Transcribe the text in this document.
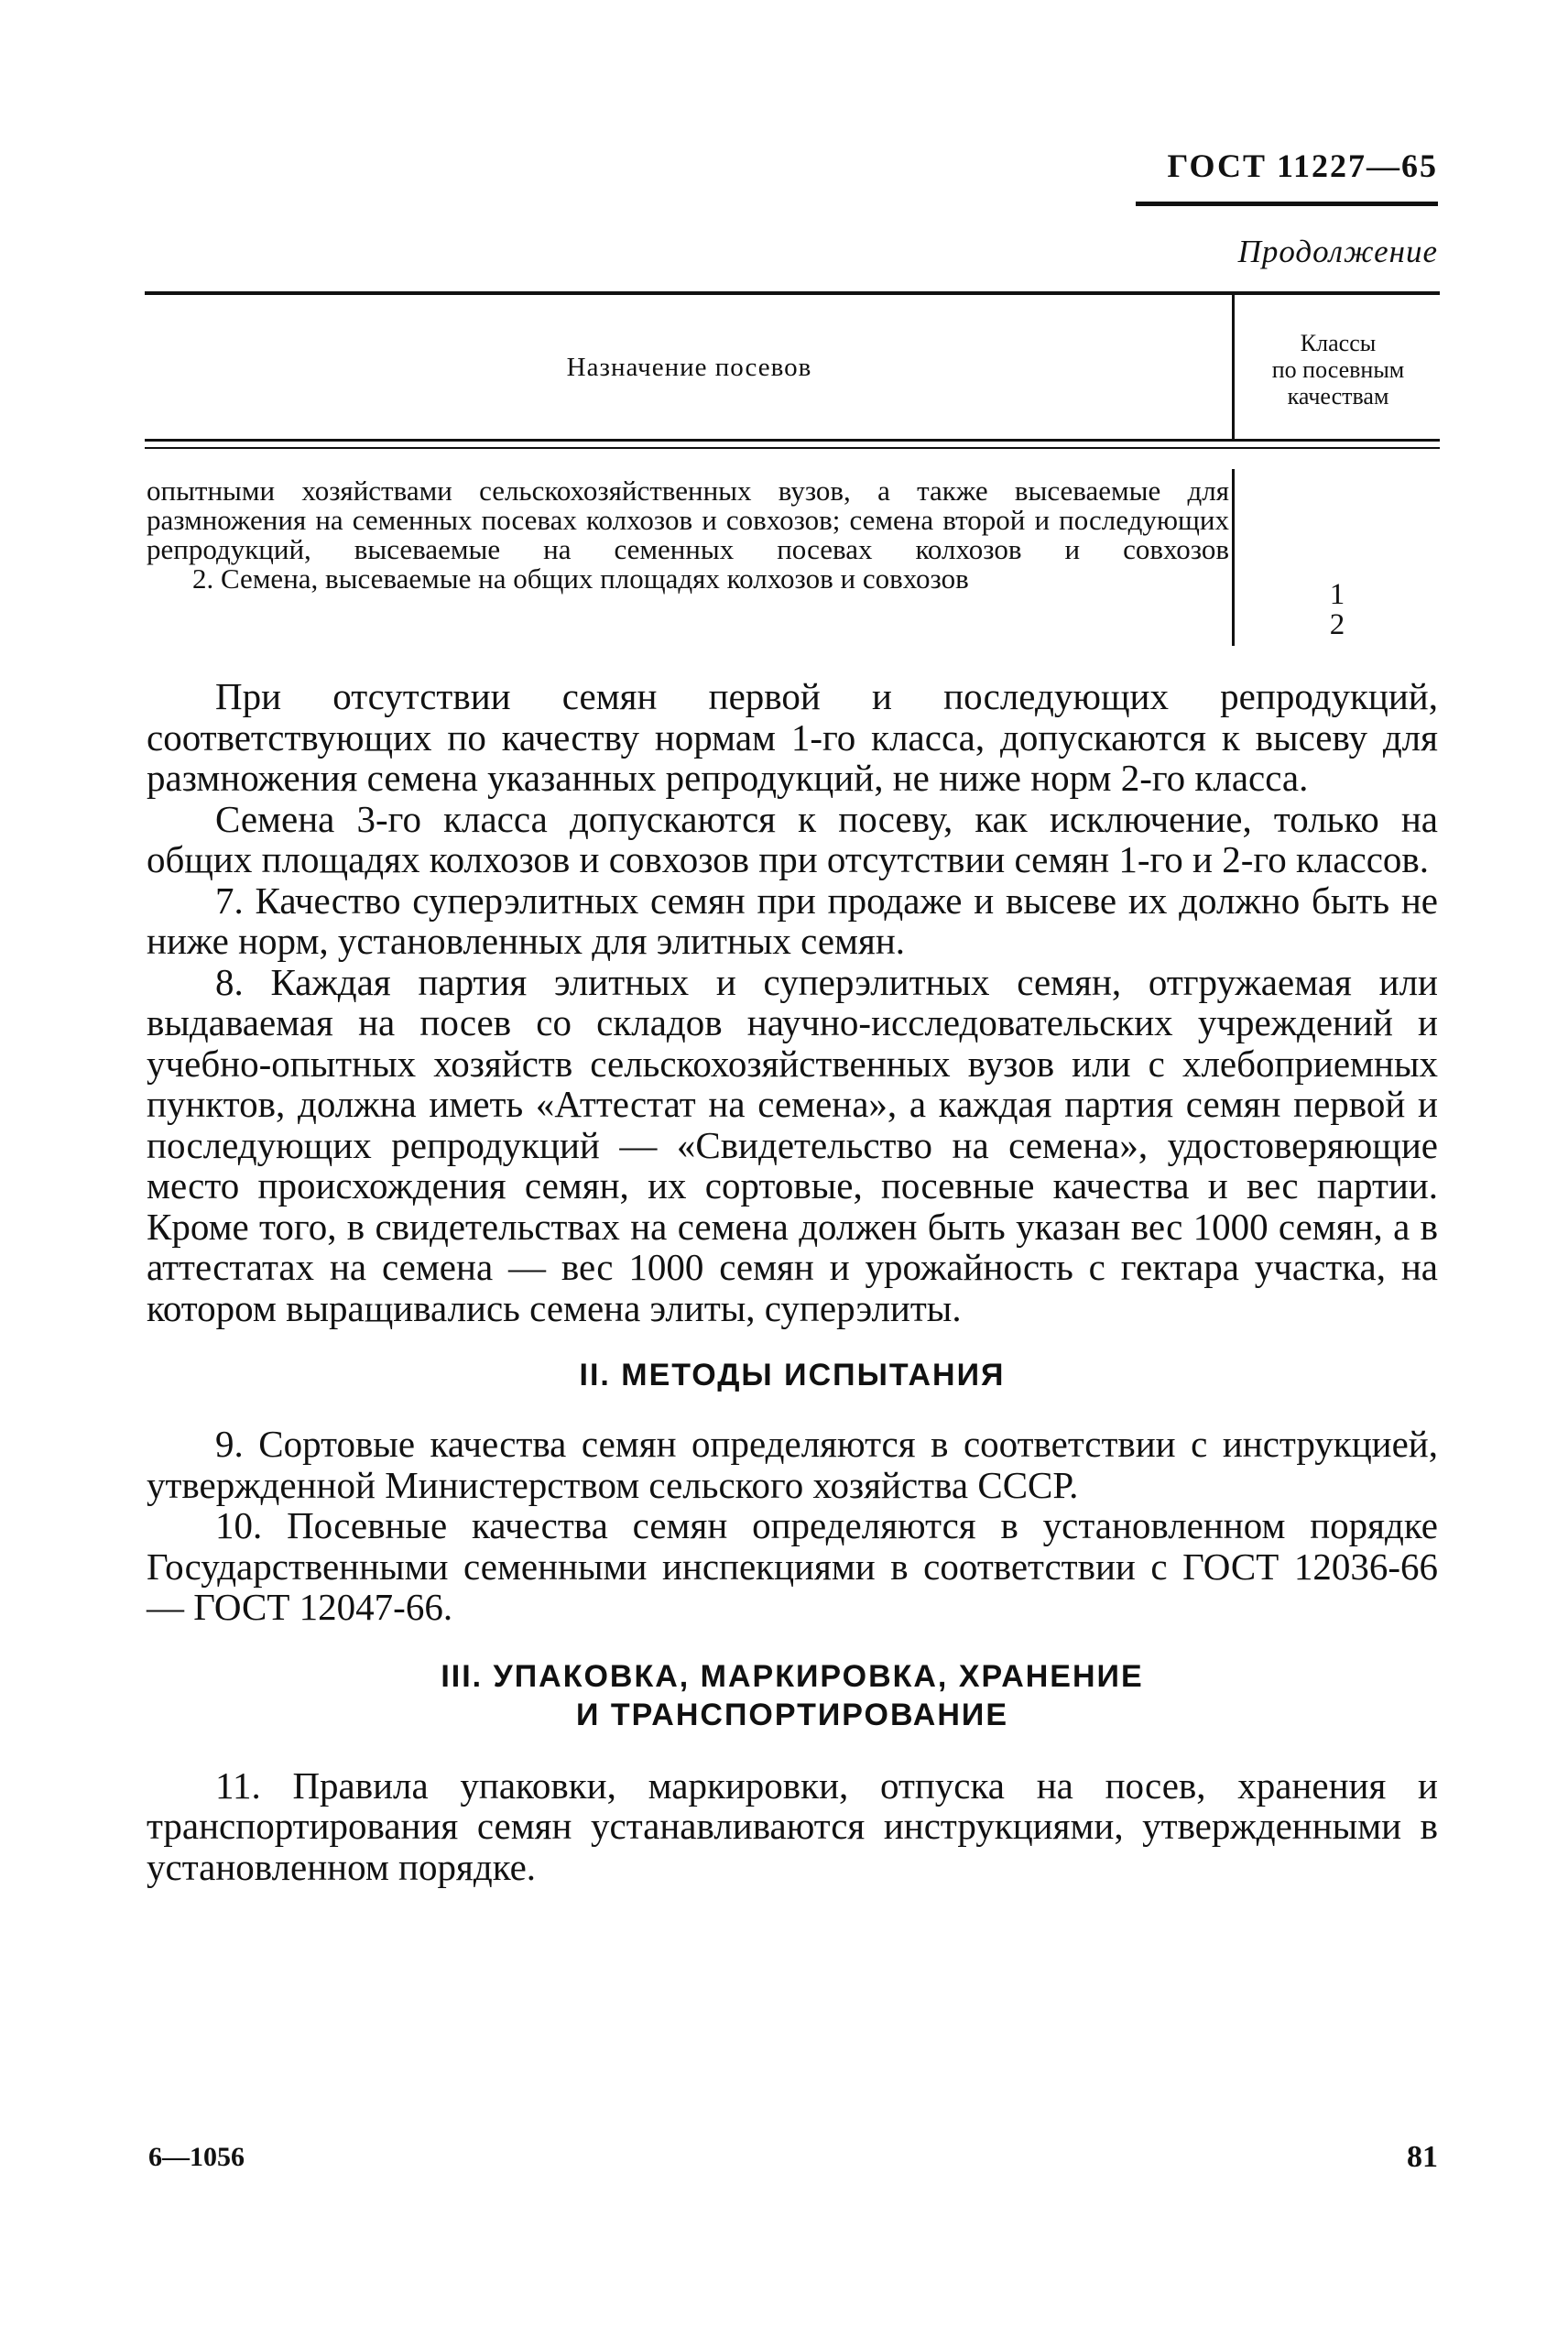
ГОСТ 11227—65
Продолжение
Назначение посевов
Классы
по посевным
качествам

опытными хозяйствами сельскохозяйственных вузов, а также высеваемые для размножения на семенных посевах колхозов и совхозов; семена второй и последующих репродукций, высеваемые на семенных посевах колхозов и совхозов

2. Семена, высеваемые на общих площадях колхозов и совхозов	1
2

При отсутствии семян первой и последующих репродукций, соответствующих по качеству нормам 1-го класса, допускаются к высеву для размножения семена указанных репродукций, не ниже норм 2-го класса.

Семена 3-го класса допускаются к посеву, как исключение, только на общих площадях колхозов и совхозов при отсутствии семян 1-го и 2-го классов.

7. Качество суперэлитных семян при продаже и высеве их должно быть не ниже норм, установленных для элитных семян.

8. Каждая партия элитных и суперэлитных семян, отгружаемая или выдаваемая на посев со складов научно-исследовательских учреждений и учебно-опытных хозяйств сельскохозяйственных вузов или с хлебоприемных пунктов, должна иметь «Аттестат на семена», а каждая партия семян первой и последующих репродукций — «Свидетельство на семена», удостоверяющие место происхождения семян, их сортовые, посевные качества и вес партии. Кроме того, в свидетельствах на семена должен быть указан вес 1000 семян, а в аттестатах на семена — вес 1000 семян и урожайность с гектара участка, на котором выращивались семена элиты, суперэлиты.

II. МЕТОДЫ ИСПЫТАНИЯ

9. Сортовые качества семян определяются в соответствии с инструкцией, утвержденной Министерством сельского хозяйства СССР.

10. Посевные качества семян определяются в установленном порядке Государственными семенными инспекциями в соответствии с ГОСТ 12036-66 — ГОСТ 12047-66.

III. УПАКОВКА, МАРКИРОВКА, ХРАНЕНИЕ

И ТРАНСПОРТИРОВАНИЕ

11. Правила упаковки, маркировки, отпуска на посев, хранения и транспортирования семян устанавливаются инструкциями, утвержденными в установленном порядке.

6—1056	81
